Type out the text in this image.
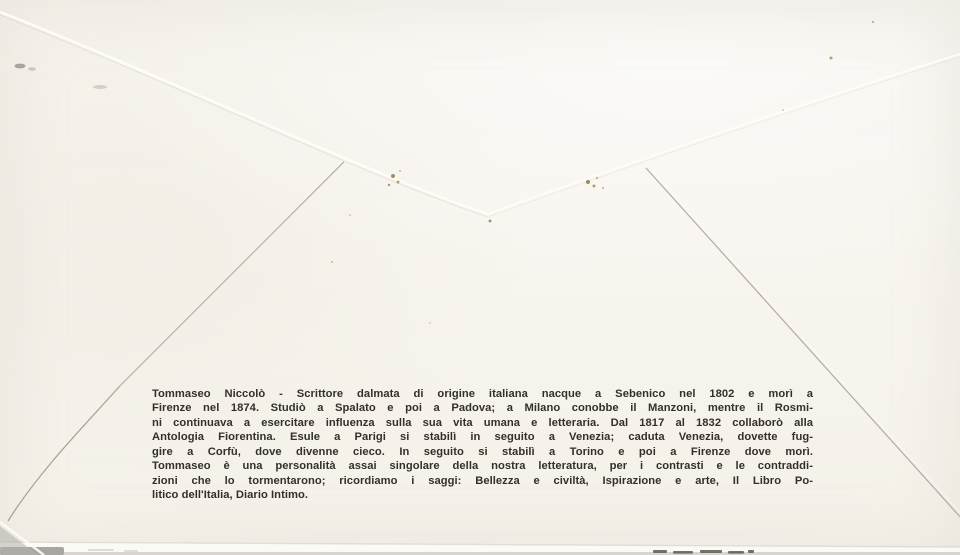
Tommaseo Niccolò - Scrittore dalmata di origine italiana nacque a Sebenico nel 1802 e morì a
Firenze nel 1874. Studiò a Spalato e poi a Padova; a Milano conobbe il Manzoni, mentre il Rosmi-
ni continuava a esercitare influenza sulla sua vita umana e letteraria. Dal 1817 al 1832 collaborò alla
Antologia Fiorentina. Esule a Parigi si stabilì in seguito a Venezia; caduta Venezia, dovette fug-
gire a Corfù, dove divenne cieco. In seguito si stabilì a Torino e poi a Firenze dove morì.
Tommaseo è una personalità assai singolare della nostra letteratura, per i contrasti e le contraddi-
zioni che lo tormentarono; ricordiamo i saggi: Bellezza e civiltà, Ispirazione e arte, Il Libro Po-
litico dell'Italia, Diario Intimo.
